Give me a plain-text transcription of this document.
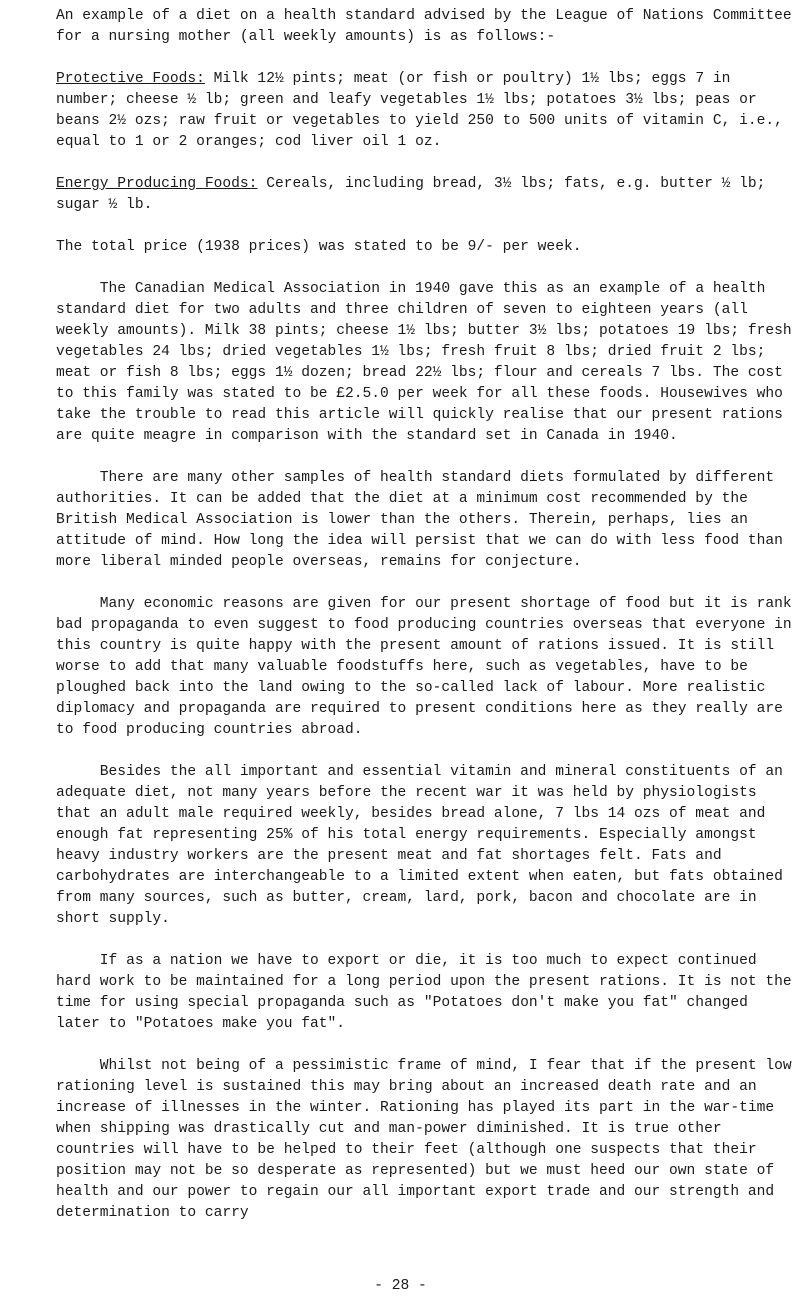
An example of a diet on a health standard advised by the League of Nations Committee for a nursing mother (all weekly amounts) is as follows:-

Protective Foods: Milk 12½ pints; meat (or fish or poultry) 1½ lbs; eggs 7 in number; cheese ½ lb; green and leafy vegetables 1½ lbs; potatoes 3½ lbs; peas or beans 2½ ozs; raw fruit or vegetables to yield 250 to 500 units of vitamin C, i.e., equal to 1 or 2 oranges; cod liver oil 1 oz.

Energy Producing Foods: Cereals, including bread, 3½ lbs; fats, e.g. butter ½ lb; sugar ½ lb.

The total price (1938 prices) was stated to be 9/- per week.

The Canadian Medical Association in 1940 gave this as an example of a health standard diet for two adults and three children of seven to eighteen years (all weekly amounts). Milk 38 pints; cheese 1½ lbs; butter 3½ lbs; potatoes 19 lbs; fresh vegetables 24 lbs; dried vegetables 1½ lbs; fresh fruit 8 lbs; dried fruit 2 lbs; meat or fish 8 lbs; eggs 1½ dozen; bread 22½ lbs; flour and cereals 7 lbs. The cost to this family was stated to be £2.5.0 per week for all these foods. Housewives who take the trouble to read this article will quickly realise that our present rations are quite meagre in comparison with the standard set in Canada in 1940.

There are many other samples of health standard diets formulated by different authorities. It can be added that the diet at a minimum cost recommended by the British Medical Association is lower than the others. Therein, perhaps, lies an attitude of mind. How long the idea will persist that we can do with less food than more liberal minded people overseas, remains for conjecture.

Many economic reasons are given for our present shortage of food but it is rank bad propaganda to even suggest to food producing countries overseas that everyone in this country is quite happy with the present amount of rations issued. It is still worse to add that many valuable foodstuffs here, such as vegetables, have to be ploughed back into the land owing to the so-called lack of labour. More realistic diplomacy and propaganda are required to present conditions here as they really are to food producing countries abroad.

Besides the all important and essential vitamin and mineral constituents of an adequate diet, not many years before the recent war it was held by physiologists that an adult male required weekly, besides bread alone, 7 lbs 14 ozs of meat and enough fat representing 25% of his total energy requirements. Especially amongst heavy industry workers are the present meat and fat shortages felt. Fats and carbohydrates are interchangeable to a limited extent when eaten, but fats obtained from many sources, such as butter, cream, lard, pork, bacon and chocolate are in short supply.

If as a nation we have to export or die, it is too much to expect continued hard work to be maintained for a long period upon the present rations. It is not the time for using special propaganda such as "Potatoes don't make you fat" changed later to "Potatoes make you fat".

Whilst not being of a pessimistic frame of mind, I fear that if the present low rationing level is sustained this may bring about an increased death rate and an increase of illnesses in the winter. Rationing has played its part in the war-time when shipping was drastically cut and man-power diminished. It is true other countries will have to be helped to their feet (although one suspects that their position may not be so desperate as represented) but we must heed our own state of health and our power to regain our all important export trade and our strength and determination to carry

- 28 -
